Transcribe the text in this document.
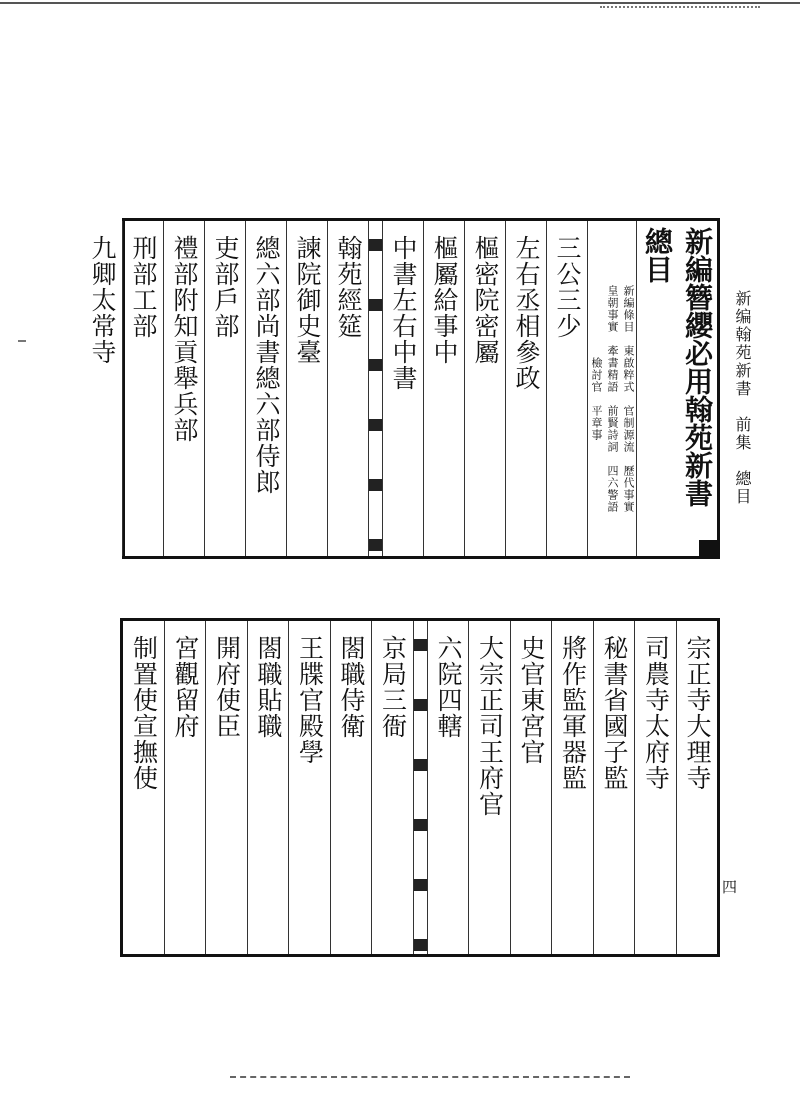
新编翰苑新書　前集　總目
新編簪纓必用翰苑新書總目
新編條目　東啟粹式　官制源流　歷代事實
皇朝事實　牽書精語　前賢詩詞　四六警語
檢討官　平章事
三公
三少
左右丞相
參政
樞密院
密屬
樞屬
給事中
中書
左右中書
翰苑
經筵
諫院
御史臺
總六部尚書
總六部侍郎
吏部
戶部
禮部附知貢舉
兵部
刑部
工部
九卿
太常寺
宗正寺
大理寺
司農寺
太府寺
秘書省
國子監
將作監
軍器監
史官
東宮官
大宗正司
王府官
六院
四轄
京局
三衙
閤職
侍衛
王牒官
殿學
閤職
貼職
開府
使臣
宮觀
留府
制置使
宣撫使
四
